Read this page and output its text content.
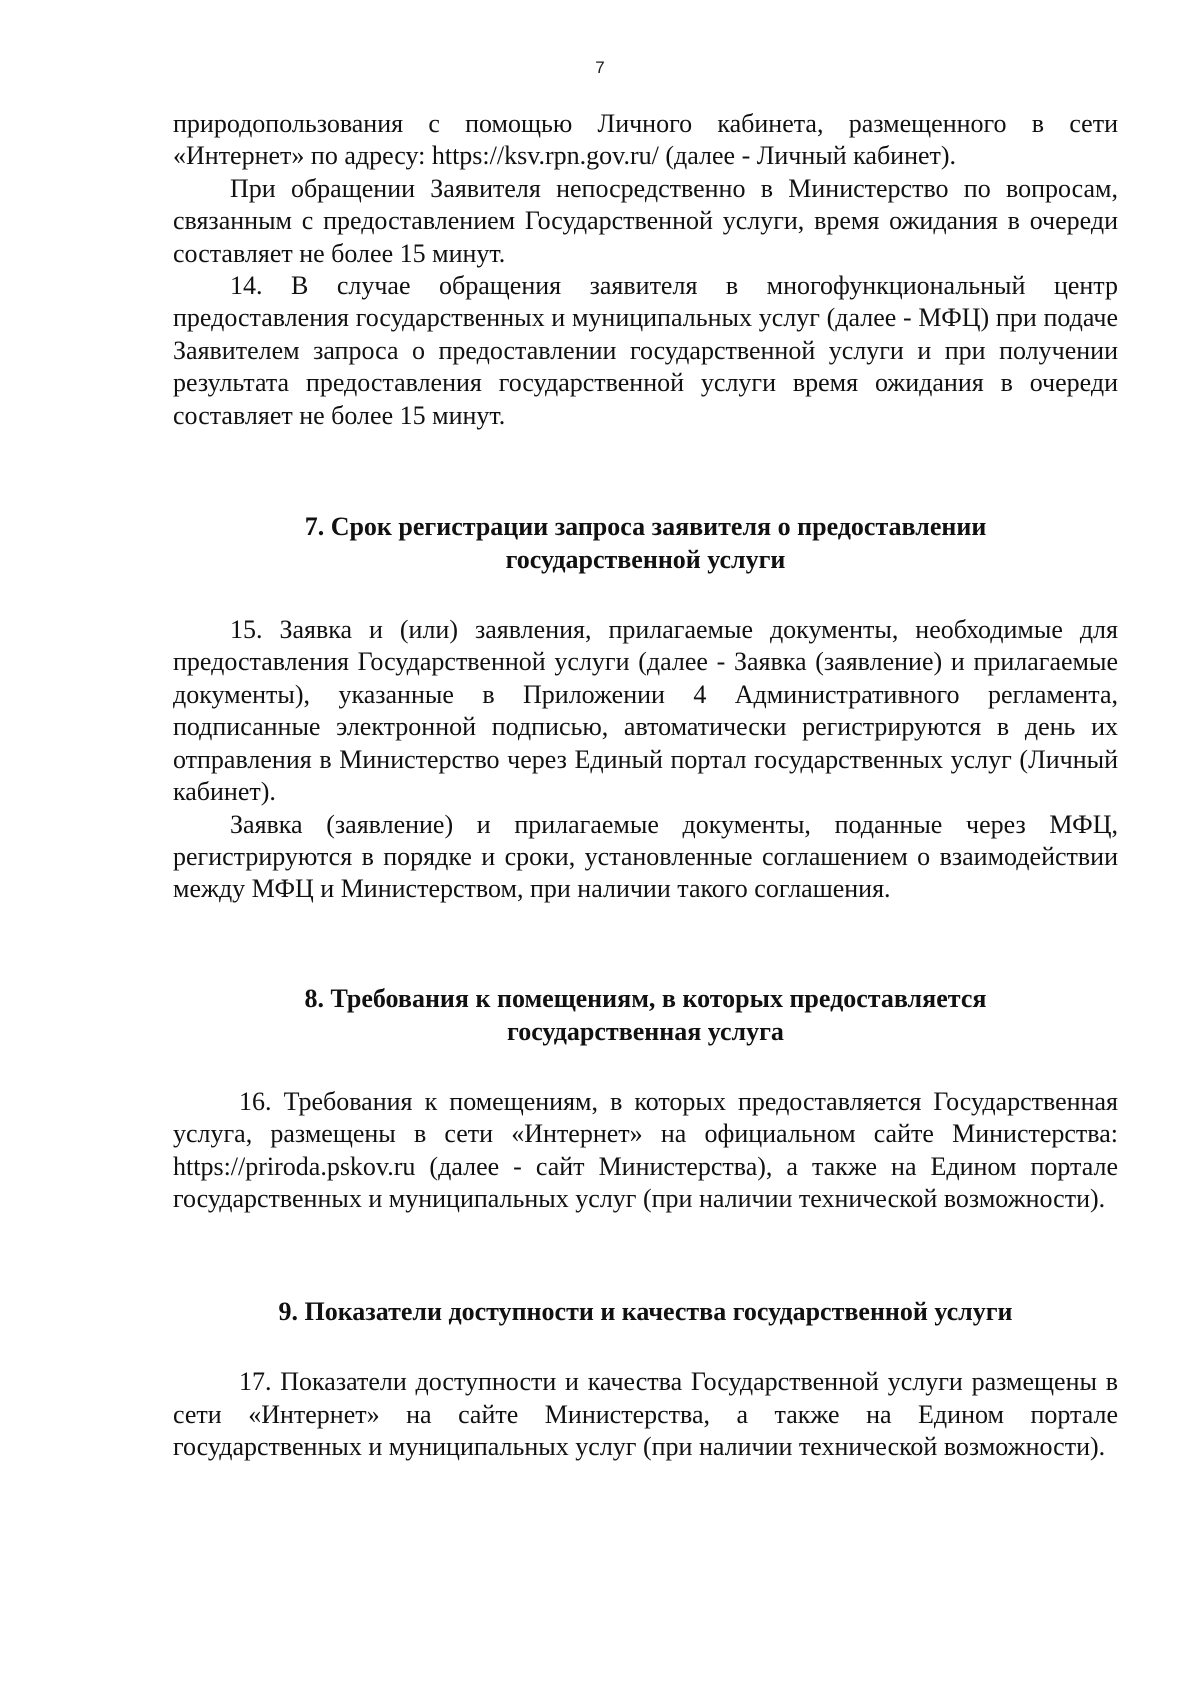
7

природопользования с помощью Личного кабинета, размещенного в сети «Интернет» по адресу: https://ksv.rpn.gov.ru/ (далее - Личный кабинет).

При обращении Заявителя непосредственно в Министерство по вопросам, связанным с предоставлением Государственной услуги, время ожидания в очереди составляет не более 15 минут.

14. В случае обращения заявителя в многофункциональный центр предоставления государственных и муниципальных услуг (далее - МФЦ) при подаче Заявителем запроса о предоставлении государственной услуги и при получении результата предоставления государственной услуги время ожидания в очереди составляет не более 15 минут.

7. Срок регистрации запроса заявителя о предоставлении
государственной услуги

15. Заявка и (или) заявления, прилагаемые документы, необходимые для предоставления Государственной услуги (далее - Заявка (заявление) и прилагаемые документы), указанные в Приложении 4 Административного регламента, подписанные электронной подписью, автоматически регистрируются в день их отправления в Министерство через Единый портал государственных услуг (Личный кабинет).

Заявка (заявление) и прилагаемые документы, поданные через МФЦ, регистрируются в порядке и сроки, установленные соглашением о взаимодействии между МФЦ и Министерством, при наличии такого соглашения.

8. Требования к помещениям, в которых предоставляется
государственная услуга

16. Требования к помещениям, в которых предоставляется Государственная услуга, размещены в сети «Интернет» на официальном сайте Министерства: https://priroda.pskov.ru (далее - сайт Министерства), а также на Едином портале государственных и муниципальных услуг (при наличии технической возможности).

9. Показатели доступности и качества государственной услуги

17. Показатели доступности и качества Государственной услуги размещены в сети «Интернет» на сайте Министерства, а также на Едином портале государственных и муниципальных услуг (при наличии технической возможности).
